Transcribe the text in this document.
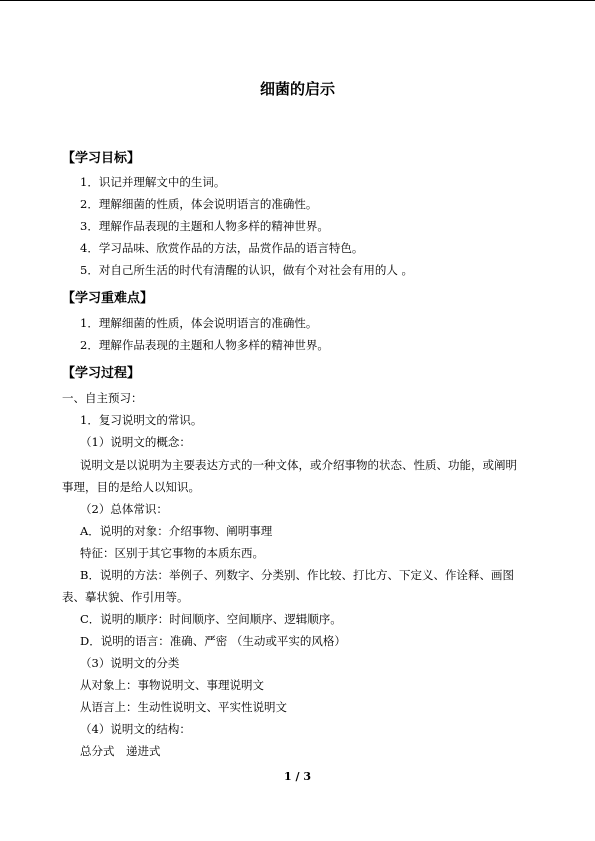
细菌的启示
【学习目标】
1．识记并理解文中的生词。
2．理解细菌的性质，体会说明语言的准确性。
3．理解作品表现的主题和人物多样的精神世界。
4．学习品味、欣赏作品的方法，品赏作品的语言特色。
5．对自己所生活的时代有清醒的认识，做有个对社会有用的人 。
【学习重难点】
1．理解细菌的性质，体会说明语言的准确性。
2．理解作品表现的主题和人物多样的精神世界。
【学习过程】
一、自主预习：
1．复习说明文的常识。
（1）说明文的概念：
说明文是以说明为主要表达方式的一种文体，或介绍事物的状态、性质、功能，或阐明
事理，目的是给人以知识。
（2）总体常识：
A．说明的对象：介绍事物、阐明事理
特征：区别于其它事物的本质东西。
B．说明的方法：举例子、列数字、分类别、作比较、打比方、下定义、作诠释、画图
表、摹状貌、作引用等。
C．说明的顺序：时间顺序、空间顺序、逻辑顺序。
D．说明的语言：准确、严密 （生动或平实的风格）
（3）说明文的分类
从对象上：事物说明文、事理说明文
从语言上：生动性说明文、平实性说明文
（4）说明文的结构：
总分式　递进式
1 / 3
